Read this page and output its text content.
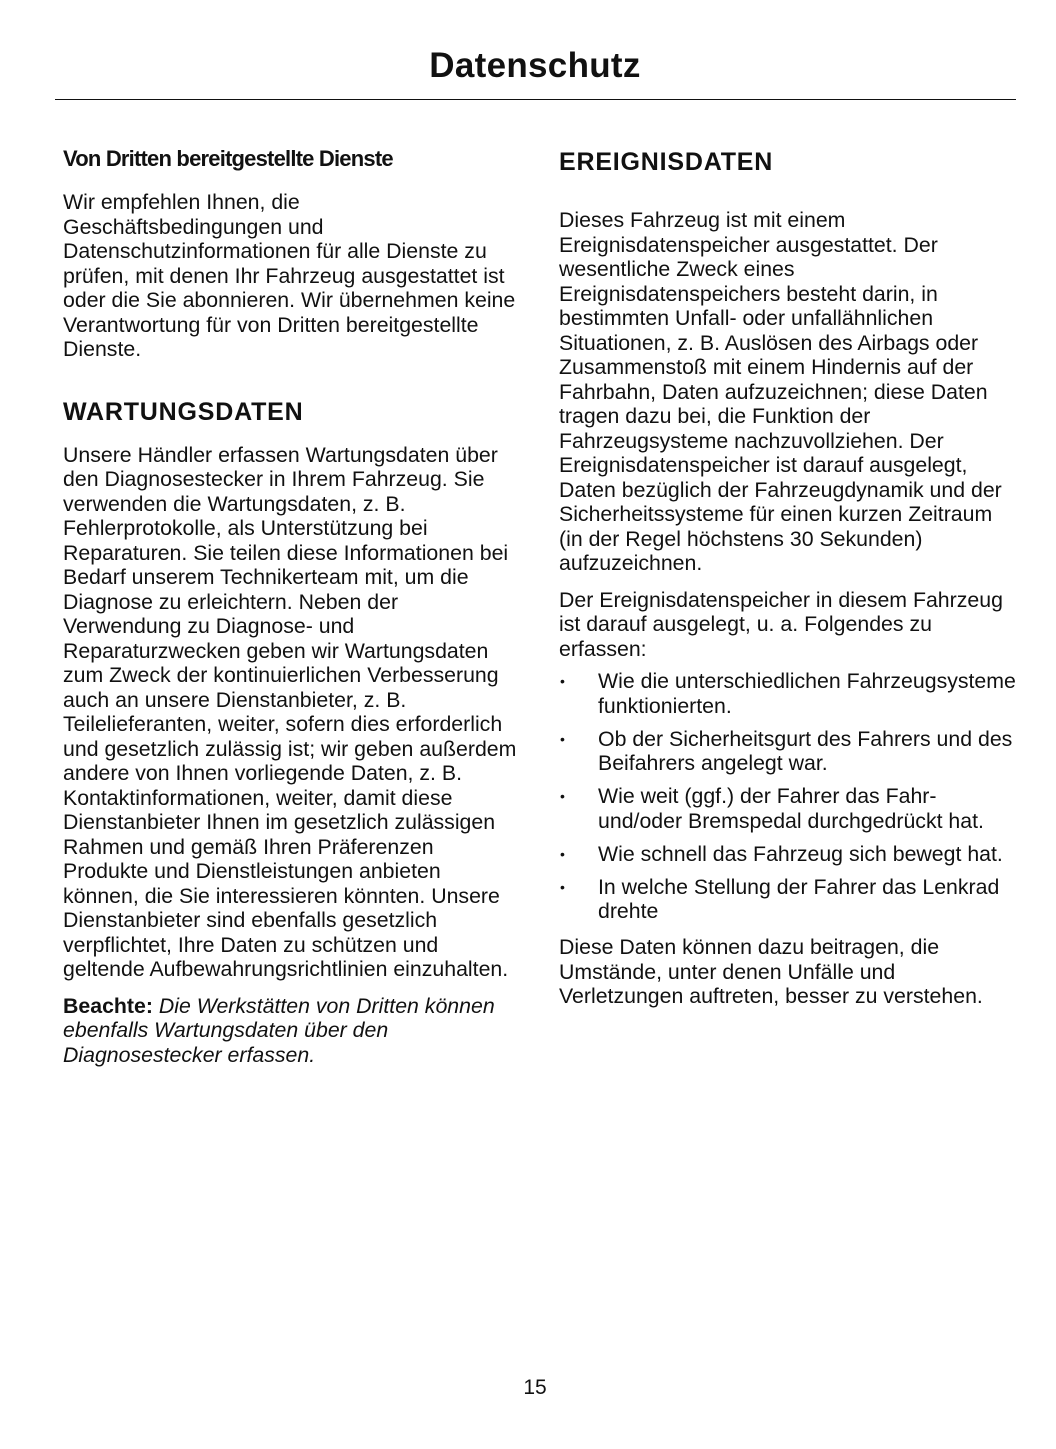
Datenschutz
Von Dritten bereitgestellte Dienste

Wir empfehlen Ihnen, die Geschäftsbedingungen und Datenschutzinformationen für alle Dienste zu prüfen, mit denen Ihr Fahrzeug ausgestattet ist oder die Sie abonnieren. Wir übernehmen keine Verantwortung für von Dritten bereitgestellte Dienste.

WARTUNGSDATEN

Unsere Händler erfassen Wartungsdaten über den Diagnosestecker in Ihrem Fahrzeug. Sie verwenden die Wartungsdaten, z. B. Fehlerprotokolle, als Unterstützung bei Reparaturen. Sie teilen diese Informationen bei Bedarf unserem Technikerteam mit, um die Diagnose zu erleichtern. Neben der Verwendung zu Diagnose- und Reparaturzwecken geben wir Wartungsdaten zum Zweck der kontinuierlichen Verbesserung auch an unsere Dienstanbieter, z. B. Teilelieferanten, weiter, sofern dies erforderlich und gesetzlich zulässig ist; wir geben außerdem andere von Ihnen vorliegende Daten, z. B. Kontaktinformationen, weiter, damit diese Dienstanbieter Ihnen im gesetzlich zulässigen Rahmen und gemäß Ihren Präferenzen Produkte und Dienstleistungen anbieten können, die Sie interessieren könnten. Unsere Dienstanbieter sind ebenfalls gesetzlich verpflichtet, Ihre Daten zu schützen und geltende Aufbewahrungsrichtlinien einzuhalten.

Beachte: Die Werkstätten von Dritten können ebenfalls Wartungsdaten über den Diagnosestecker erfassen.

EREIGNISDATEN

Dieses Fahrzeug ist mit einem Ereignisdatenspeicher ausgestattet. Der wesentliche Zweck eines Ereignisdatenspeichers besteht darin, in bestimmten Unfall- oder unfallähnlichen Situationen, z. B. Auslösen des Airbags oder Zusammenstoß mit einem Hindernis auf der Fahrbahn, Daten aufzuzeichnen; diese Daten tragen dazu bei, die Funktion der Fahrzeugsysteme nachzuvollziehen. Der Ereignisdatenspeicher ist darauf ausgelegt, Daten bezüglich der Fahrzeugdynamik und der Sicherheitssysteme für einen kurzen Zeitraum (in der Regel höchstens 30 Sekunden) aufzuzeichnen.

Der Ereignisdatenspeicher in diesem Fahrzeug ist darauf ausgelegt, u. a. Folgendes zu erfassen:

• Wie die unterschiedlichen Fahrzeugsysteme funktionierten.
• Ob der Sicherheitsgurt des Fahrers und des Beifahrers angelegt war.
• Wie weit (ggf.) der Fahrer das Fahr- und/oder Bremspedal durchgedrückt hat.
• Wie schnell das Fahrzeug sich bewegt hat.
• In welche Stellung der Fahrer das Lenkrad drehte

Diese Daten können dazu beitragen, die Umstände, unter denen Unfälle und Verletzungen auftreten, besser zu verstehen.

15
